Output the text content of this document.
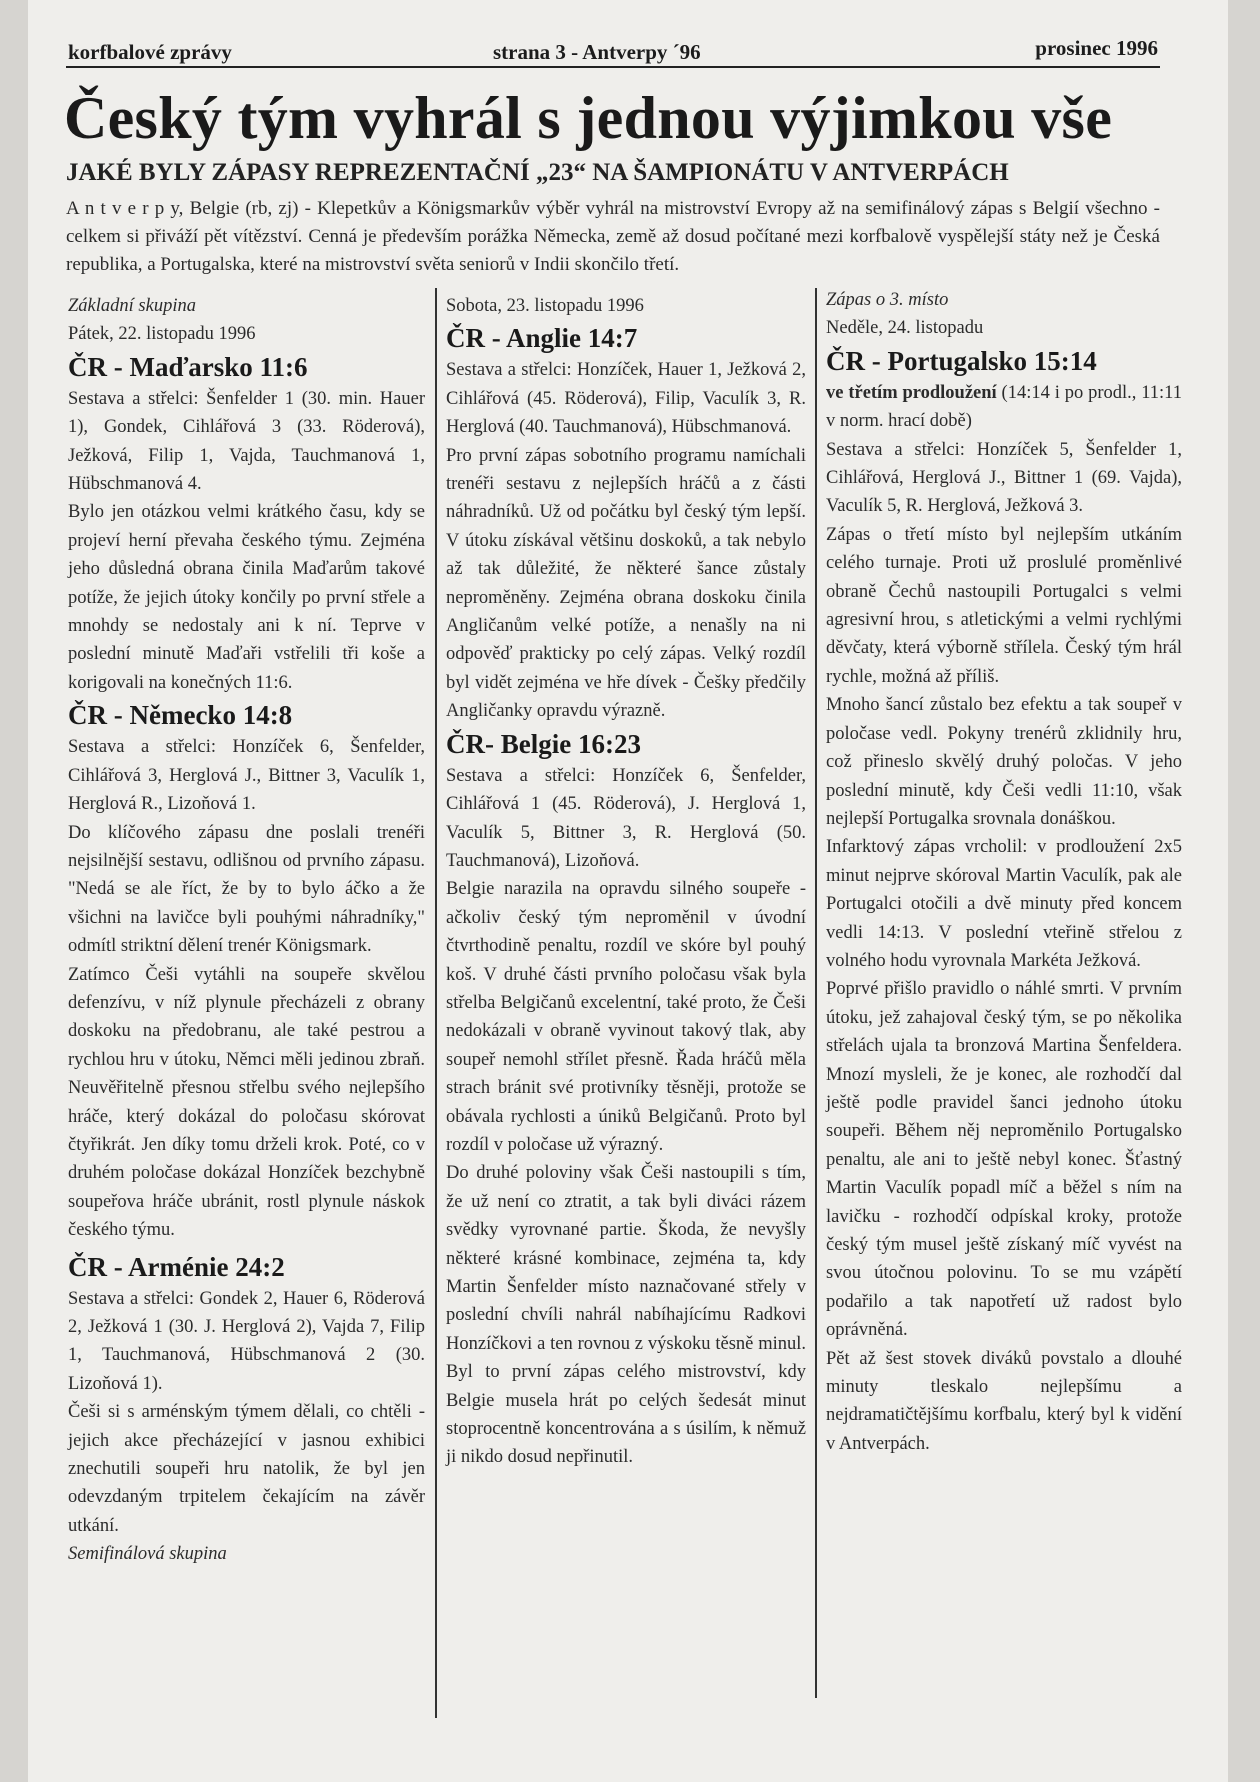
korfbalové zprávy	strana 3 - Antverpy ´96	prosinec 1996
Český tým vyhrál s jednou výjimkou vše
JAKÉ BYLY ZÁPASY REPREZENTAČNÍ „23“ NA ŠAMPIONÁTU V ANTVERPÁCH
A n t v e r p y, Belgie (rb, zj) - Klepetkův a Königsmarkův výběr vyhrál na mistrovství Evropy až na semifinálový zápas s Belgií všechno - celkem si přiváží pět vítězství. Cenná je především porážka Německa, země až dosud počítané mezi korfbalově vyspělejší státy než je Česká republika, a Portugalska, které na mistrovství světa seniorů v Indii skončilo třetí.

Základní skupina

Pátek, 22. listopadu 1996

ČR - Maďarsko 11:6

Sestava a střelci: Šenfelder 1 (30. min. Hauer 1), Gondek, Cihlářová 3 (33. Röderová), Ježková, Filip 1, Vajda, Tauchmanová 1, Hübschmanová 4.

Bylo jen otázkou velmi krátkého času, kdy se projeví herní převaha českého týmu. Zejména jeho důsledná obrana činila Maďarům takové potíže, že jejich útoky končily po první střele a mnohdy se nedostaly ani k ní. Teprve v poslední minutě Maďaři vstřelili tři koše a korigovali na konečných 11:6.

ČR - Německo 14:8

Sestava a střelci: Honzíček 6, Šenfelder, Cihlářová 3, Herglová J., Bittner 3, Vaculík 1, Herglová R., Lizoňová 1.

Do klíčového zápasu dne poslali trenéři nejsilnější sestavu, odlišnou od prvního zápasu. "Nedá se ale říct, že by to bylo áčko a že všichni na lavičce byli pouhými náhradníky," odmítl striktní dělení trenér Königsmark.

Zatímco Češi vytáhli na soupeře skvělou defenzívu, v níž plynule přecházeli z obrany doskoku na předobranu, ale také pestrou a rychlou hru v útoku, Němci měli jedinou zbraň. Neuvěřitelně přesnou střelbu svého nejlepšího hráče, který dokázal do poločasu skórovat čtyřikrát. Jen díky tomu drželi krok. Poté, co v druhém poločase dokázal Honzíček bezchybně soupeřova hráče ubránit, rostl plynule náskok českého týmu.

ČR - Arménie 24:2

Sestava a střelci: Gondek 2, Hauer 6, Röderová 2, Ježková 1 (30. J. Herglová 2), Vajda 7, Filip 1, Tauchmanová, Hübschmanová 2 (30. Lizoňová 1).

Češi si s arménským týmem dělali, co chtěli - jejich akce přecházející v jasnou exhibici znechutili soupeři hru natolik, že byl jen odevzdaným trpitelem čekajícím na závěr utkání.

Semifinálová skupina

Sobota, 23. listopadu 1996

ČR - Anglie 14:7

Sestava a střelci: Honzíček, Hauer 1, Ježková 2, Cihlářová (45. Röderová), Filip, Vaculík 3, R. Herglová (40. Tauchmanová), Hübschmanová.

Pro první zápas sobotního programu namíchali trenéři sestavu z nejlepších hráčů a z části náhradníků. Už od počátku byl český tým lepší. V útoku získával většinu doskoků, a tak nebylo až tak důležité, že některé šance zůstaly neproměněny. Zejména obrana doskoku činila Angličanům velké potíže, a nenašly na ni odpověď prakticky po celý zápas. Velký rozdíl byl vidět zejména ve hře dívek - Češky předčily Angličanky opravdu výrazně.

ČR- Belgie 16:23

Sestava a střelci: Honzíček 6, Šenfelder, Cihlářová 1 (45. Röderová), J. Herglová 1, Vaculík 5, Bittner 3, R. Herglová (50. Tauchmanová), Lizoňová.

Belgie narazila na opravdu silného soupeře - ačkoliv český tým neproměnil v úvodní čtvrthodině penaltu, rozdíl ve skóre byl pouhý koš. V druhé části prvního poločasu však byla střelba Belgičanů excelentní, také proto, že Češi nedokázali v obraně vyvinout takový tlak, aby soupeř nemohl střílet přesně. Řada hráčů měla strach bránit své protivníky těsněji, protože se obávala rychlosti a úniků Belgičanů. Proto byl rozdíl v poločase už výrazný.

Do druhé poloviny však Češi nastoupili s tím, že už není co ztratit, a tak byli diváci rázem svědky vyrovnané partie. Škoda, že nevyšly některé krásné kombinace, zejména ta, kdy Martin Šenfelder místo naznačované střely v poslední chvíli nahrál nabíhajícímu Radkovi Honzíčkovi a ten rovnou z výskoku těsně minul. Byl to první zápas celého mistrovství, kdy Belgie musela hrát po celých šedesát minut stoprocentně koncentrována a s úsilím, k němuž ji nikdo dosud nepřinutil.

Zápas o 3. místo

Neděle, 24. listopadu

ČR - Portugalsko 15:14

ve třetím prodloužení (14:14 i po prodl., 11:11 v norm. hrací době)

Sestava a střelci: Honzíček 5, Šenfelder 1, Cihlářová, Herglová J., Bittner 1 (69. Vajda), Vaculík 5, R. Herglová, Ježková 3.

Zápas o třetí místo byl nejlepším utkáním celého turnaje. Proti už proslulé proměnlivé obraně Čechů nastoupili Portugalci s velmi agresivní hrou, s atletickými a velmi rychlými děvčaty, která výborně střílela. Český tým hrál rychle, možná až příliš.

Mnoho šancí zůstalo bez efektu a tak soupeř v poločase vedl. Pokyny trenérů zklidnily hru, což přineslo skvělý druhý poločas. V jeho poslední minutě, kdy Češi vedli 11:10, však nejlepší Portugalka srovnala donáškou.

Infarktový zápas vrcholil: v prodloužení 2x5 minut nejprve skóroval Martin Vaculík, pak ale Portugalci otočili a dvě minuty před koncem vedli 14:13. V poslední vteřině střelou z volného hodu vyrovnala Markéta Ježková.

Poprvé přišlo pravidlo o náhlé smrti. V prvním útoku, jež zahajoval český tým, se po několika střelách ujala ta bronzová Martina Šenfeldera. Mnozí mysleli, že je konec, ale rozhodčí dal ještě podle pravidel šanci jednoho útoku soupeři. Během něj neproměnilo Portugalsko penaltu, ale ani to ještě nebyl konec. Šťastný Martin Vaculík popadl míč a běžel s ním na lavičku - rozhodčí odpískal kroky, protože český tým musel ještě získaný míč vyvést na svou útočnou polovinu. To se mu vzápětí podařilo a tak napotřetí už radost bylo oprávněná.

Pět až šest stovek diváků povstalo a dlouhé minuty tleskalo nejlepšímu a nejdramatičtějšímu korfbalu, který byl k vidění v Antverpách.
